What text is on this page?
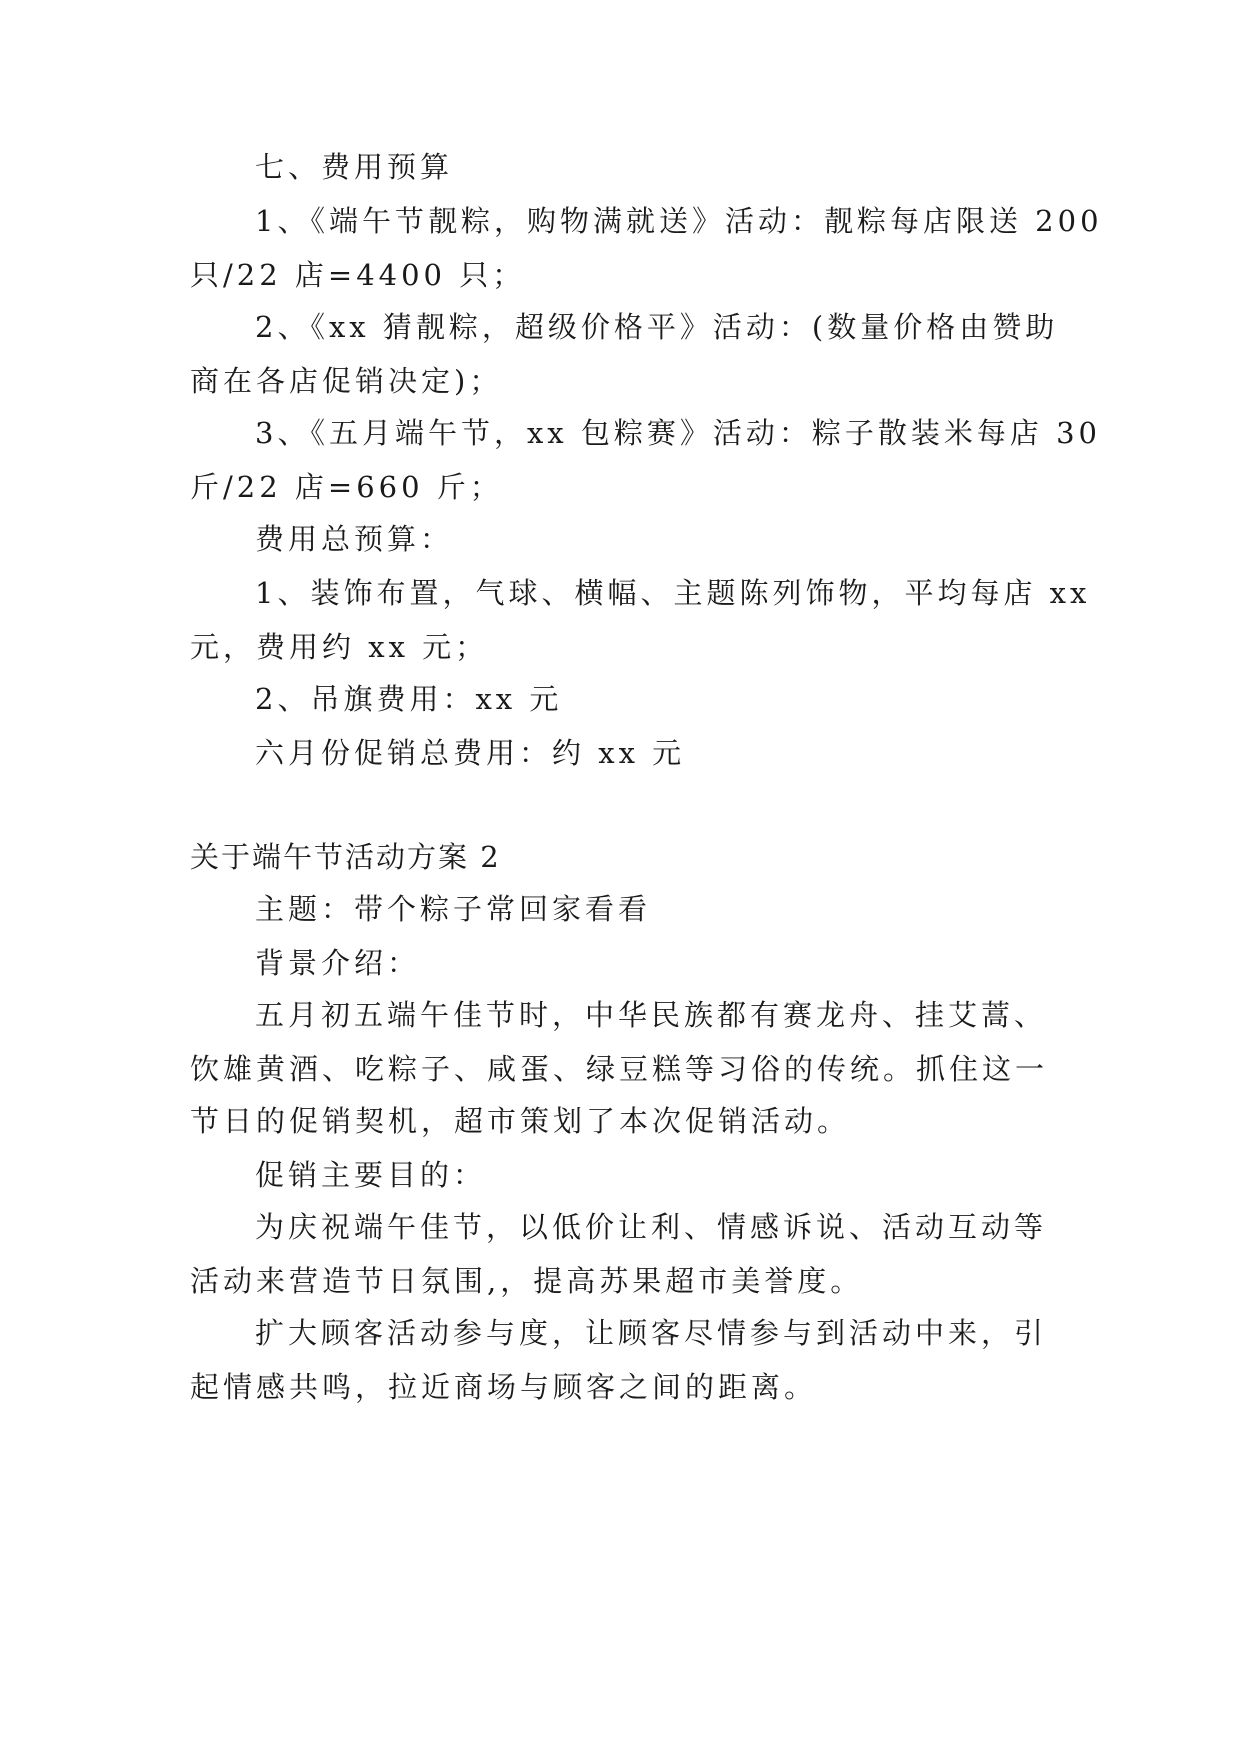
七、费用预算
1、《端午节靓粽，购物满就送》活动：靓粽每店限送 200
只/22 店=4400 只；
2、《xx 猜靓粽，超级价格平》活动：(数量价格由赞助
商在各店促销决定)；
3、《五月端午节，xx 包粽赛》活动：粽子散装米每店 30
斤/22 店=660 斤；
费用总预算：
1、装饰布置，气球、横幅、主题陈列饰物，平均每店 xx
元，费用约 xx 元；
2、吊旗费用：xx 元
六月份促销总费用：约 xx 元
关于端午节活动方案 2
主题：带个粽子常回家看看
背景介绍：
五月初五端午佳节时，中华民族都有赛龙舟、挂艾蒿、
饮雄黄酒、吃粽子、咸蛋、绿豆糕等习俗的传统。抓住这一
节日的促销契机，超市策划了本次促销活动。
促销主要目的：
为庆祝端午佳节，以低价让利、情感诉说、活动互动等
活动来营造节日氛围,，提高苏果超市美誉度。
扩大顾客活动参与度，让顾客尽情参与到活动中来，引
起情感共鸣，拉近商场与顾客之间的距离。
